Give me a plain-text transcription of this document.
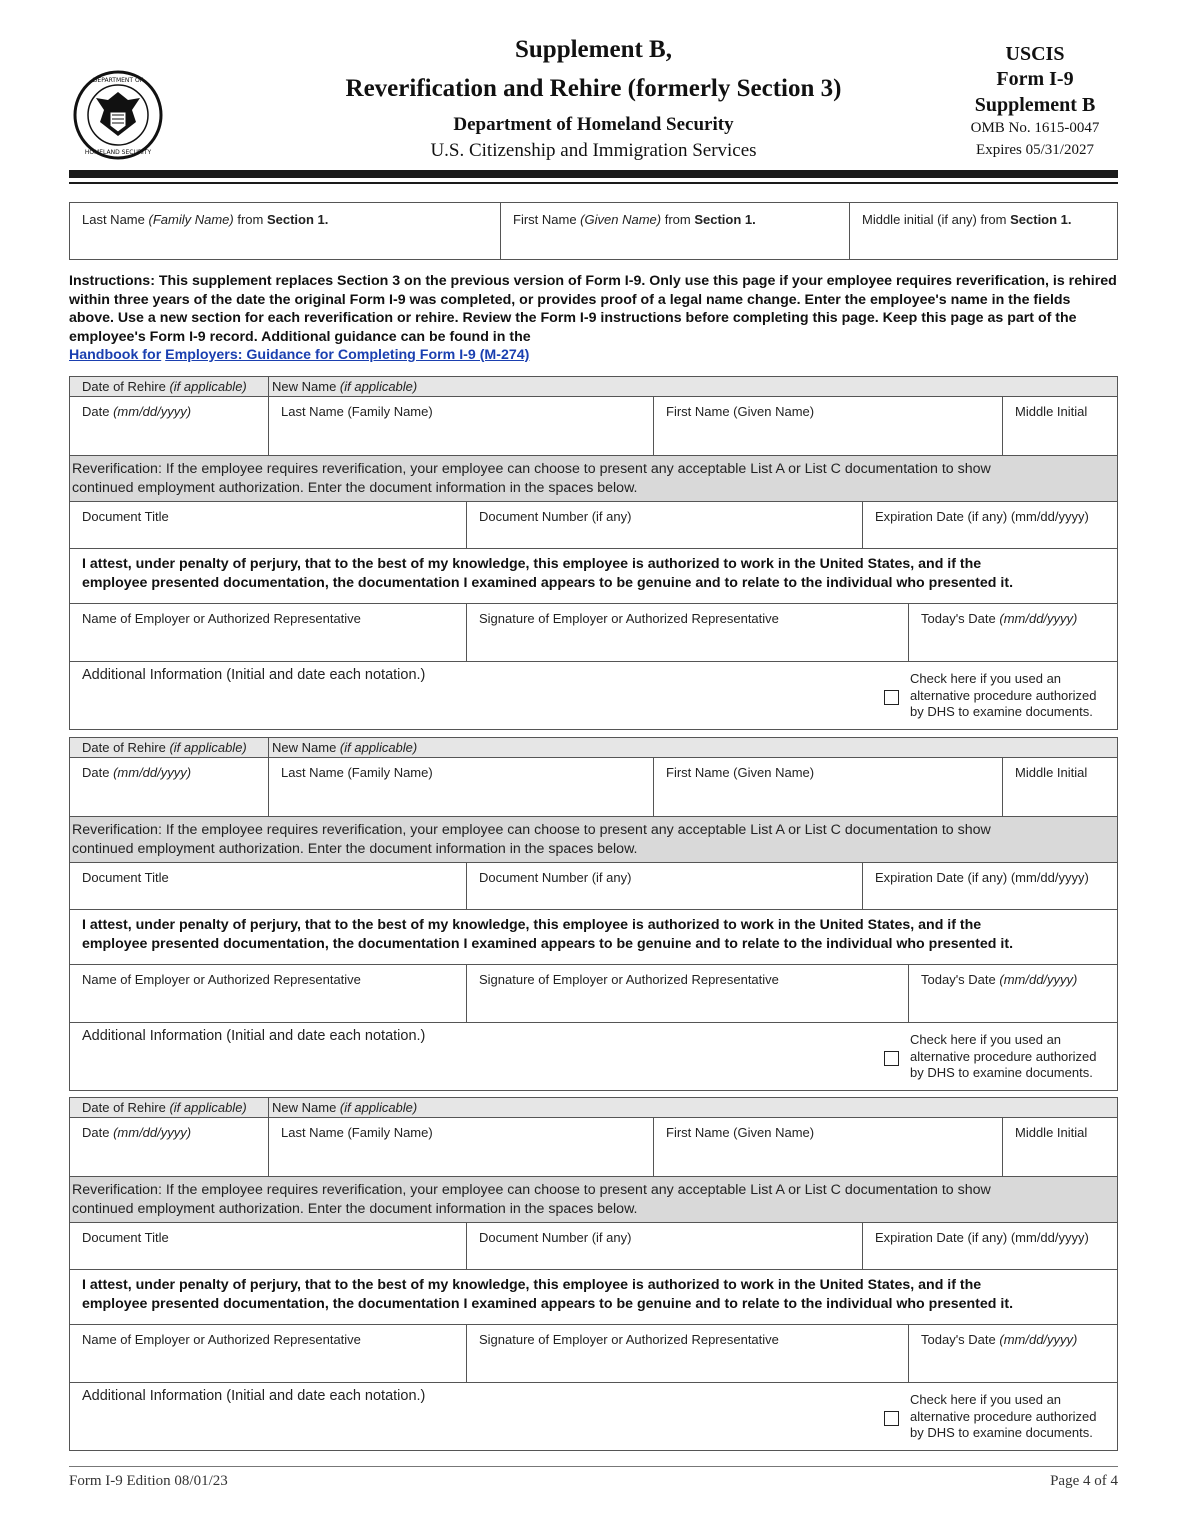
DEPARTMENT OF
HOMELAND SECURITY
Supplement B,
Reverification and Rehire (formerly Section 3)
Department of Homeland Security
U.S. Citizenship and Immigration Services
USCIS
Form I-9
Supplement B
OMB No. 1615-0047
Expires 05/31/2027
Last Name (Family Name) from Section 1.	First Name (Given Name) from Section 1.	Middle initial (if any) from Section 1.
Instructions: This supplement replaces Section 3 on the previous version of Form I-9. Only use this page if your employee requires reverification, is rehired within three years of the date the original Form I-9 was completed, or provides proof of a legal name change. Enter the employee's name in the fields above. Use a new section for each reverification or rehire. Review the Form I-9 instructions before completing this page. Keep this page as part of the employee's Form I-9 record. Additional guidance can be found in the
Handbook for Employers: Guidance for Completing Form I-9 (M-274)
Date of Rehire (if applicable) New Name (if applicable)
Date (mm/dd/yyyy)	Last Name (Family Name)	First Name (Given Name)	Middle Initial
Reverification: If the employee requires reverification, your employee can choose to present any acceptable List A or List C documentation to show
continued employment authorization. Enter the document information in the spaces below.
Document Title	Document Number (if any)	Expiration Date (if any) (mm/dd/yyyy)
I attest, under penalty of perjury, that to the best of my knowledge, this employee is authorized to work in the United States, and if the
employee presented documentation, the documentation I examined appears to be genuine and to relate to the individual who presented it.
Name of Employer or Authorized Representative	Signature of Employer or Authorized Representative	Today's Date (mm/dd/yyyy)
Additional Information (Initial and date each notation.)	Check here if you used an
alternative procedure authorized
by DHS to examine documents.
Date of Rehire (if applicable) New Name (if applicable)
Date (mm/dd/yyyy)	Last Name (Family Name)	First Name (Given Name)	Middle Initial
Reverification: If the employee requires reverification, your employee can choose to present any acceptable List A or List C documentation to show
continued employment authorization. Enter the document information in the spaces below.
Document Title	Document Number (if any)	Expiration Date (if any) (mm/dd/yyyy)
I attest, under penalty of perjury, that to the best of my knowledge, this employee is authorized to work in the United States, and if the
employee presented documentation, the documentation I examined appears to be genuine and to relate to the individual who presented it.
Name of Employer or Authorized Representative	Signature of Employer or Authorized Representative	Today's Date (mm/dd/yyyy)
Additional Information (Initial and date each notation.)	Check here if you used an
alternative procedure authorized
by DHS to examine documents.
Date of Rehire (if applicable) New Name (if applicable)
Date (mm/dd/yyyy)	Last Name (Family Name)	First Name (Given Name)	Middle Initial
Reverification: If the employee requires reverification, your employee can choose to present any acceptable List A or List C documentation to show
continued employment authorization. Enter the document information in the spaces below.
Document Title	Document Number (if any)	Expiration Date (if any) (mm/dd/yyyy)
I attest, under penalty of perjury, that to the best of my knowledge, this employee is authorized to work in the United States, and if the
employee presented documentation, the documentation I examined appears to be genuine and to relate to the individual who presented it.
Name of Employer or Authorized Representative	Signature of Employer or Authorized Representative	Today's Date (mm/dd/yyyy)
Additional Information (Initial and date each notation.)	Check here if you used an
alternative procedure authorized
by DHS to examine documents.
Form I-9 Edition 08/01/23	Page 4 of 4
